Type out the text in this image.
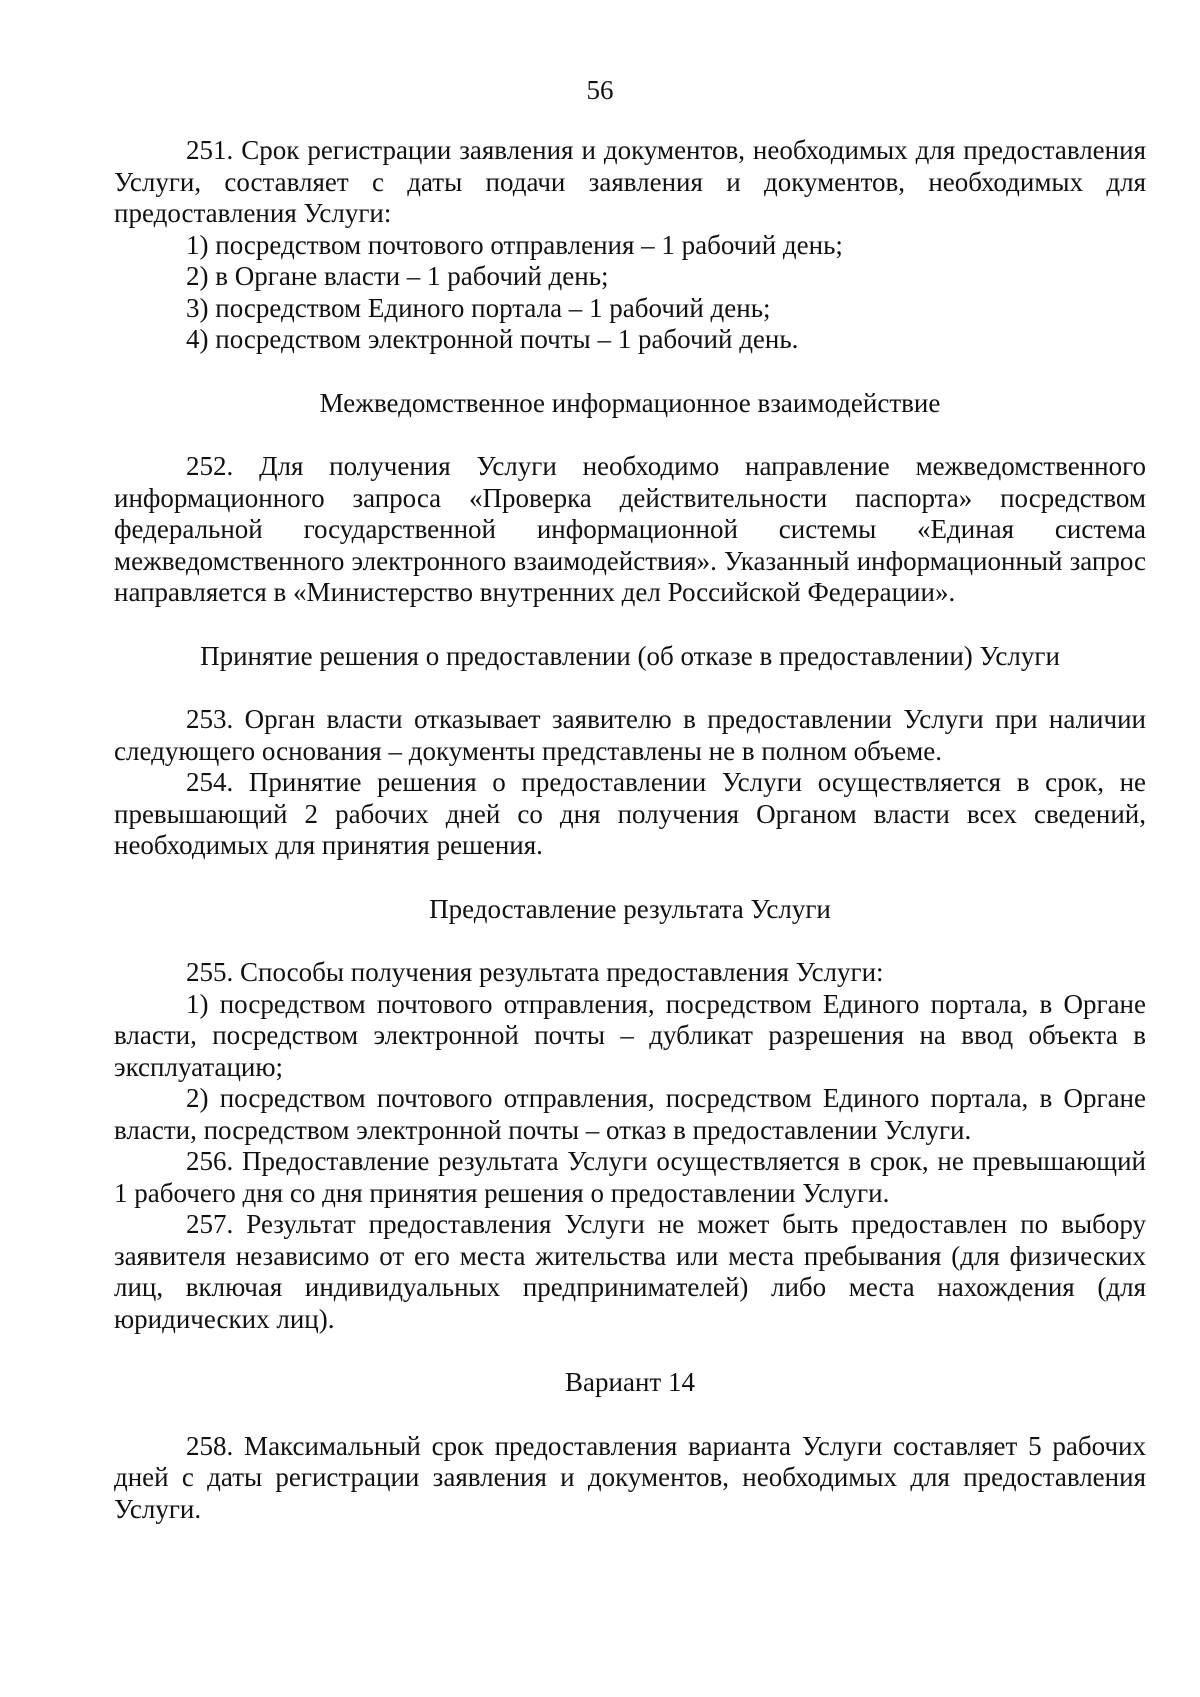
56

251. Срок регистрации заявления и документов, необходимых для предоставления Услуги, составляет с даты подачи заявления и документов, необходимых для предоставления Услуги:

1) посредством почтового отправления – 1 рабочий день;

2) в Органе власти – 1 рабочий день;

3) посредством Единого портала – 1 рабочий день;

4) посредством электронной почты – 1 рабочий день.

Межведомственное информационное взаимодействие

252. Для получения Услуги необходимо направление межведомственного информационного запроса «Проверка действительности паспорта» посредством федеральной государственной информационной системы «Единая система межведомственного электронного взаимодействия». Указанный информационный запрос направляется в «Министерство внутренних дел Российской Федерации».

Принятие решения о предоставлении (об отказе в предоставлении) Услуги

253. Орган власти отказывает заявителю в предоставлении Услуги при наличии следующего основания – документы представлены не в полном объеме.

254. Принятие решения о предоставлении Услуги осуществляется в срок, не превышающий 2 рабочих дней со дня получения Органом власти всех сведений, необходимых для принятия решения.

Предоставление результата Услуги

255. Способы получения результата предоставления Услуги:

1) посредством почтового отправления, посредством Единого портала, в Органе власти, посредством электронной почты – дубликат разрешения на ввод объекта в эксплуатацию;

2) посредством почтового отправления, посредством Единого портала, в Органе власти, посредством электронной почты – отказ в предоставлении Услуги.

256. Предоставление результата Услуги осуществляется в срок, не превышающий 1 рабочего дня со дня принятия решения о предоставлении Услуги.

257. Результат предоставления Услуги не может быть предоставлен по выбору заявителя независимо от его места жительства или места пребывания (для физических лиц, включая индивидуальных предпринимателей) либо места нахождения (для юридических лиц).

Вариант 14

258. Максимальный срок предоставления варианта Услуги составляет 5 рабочих дней с даты регистрации заявления и документов, необходимых для предоставления Услуги.
